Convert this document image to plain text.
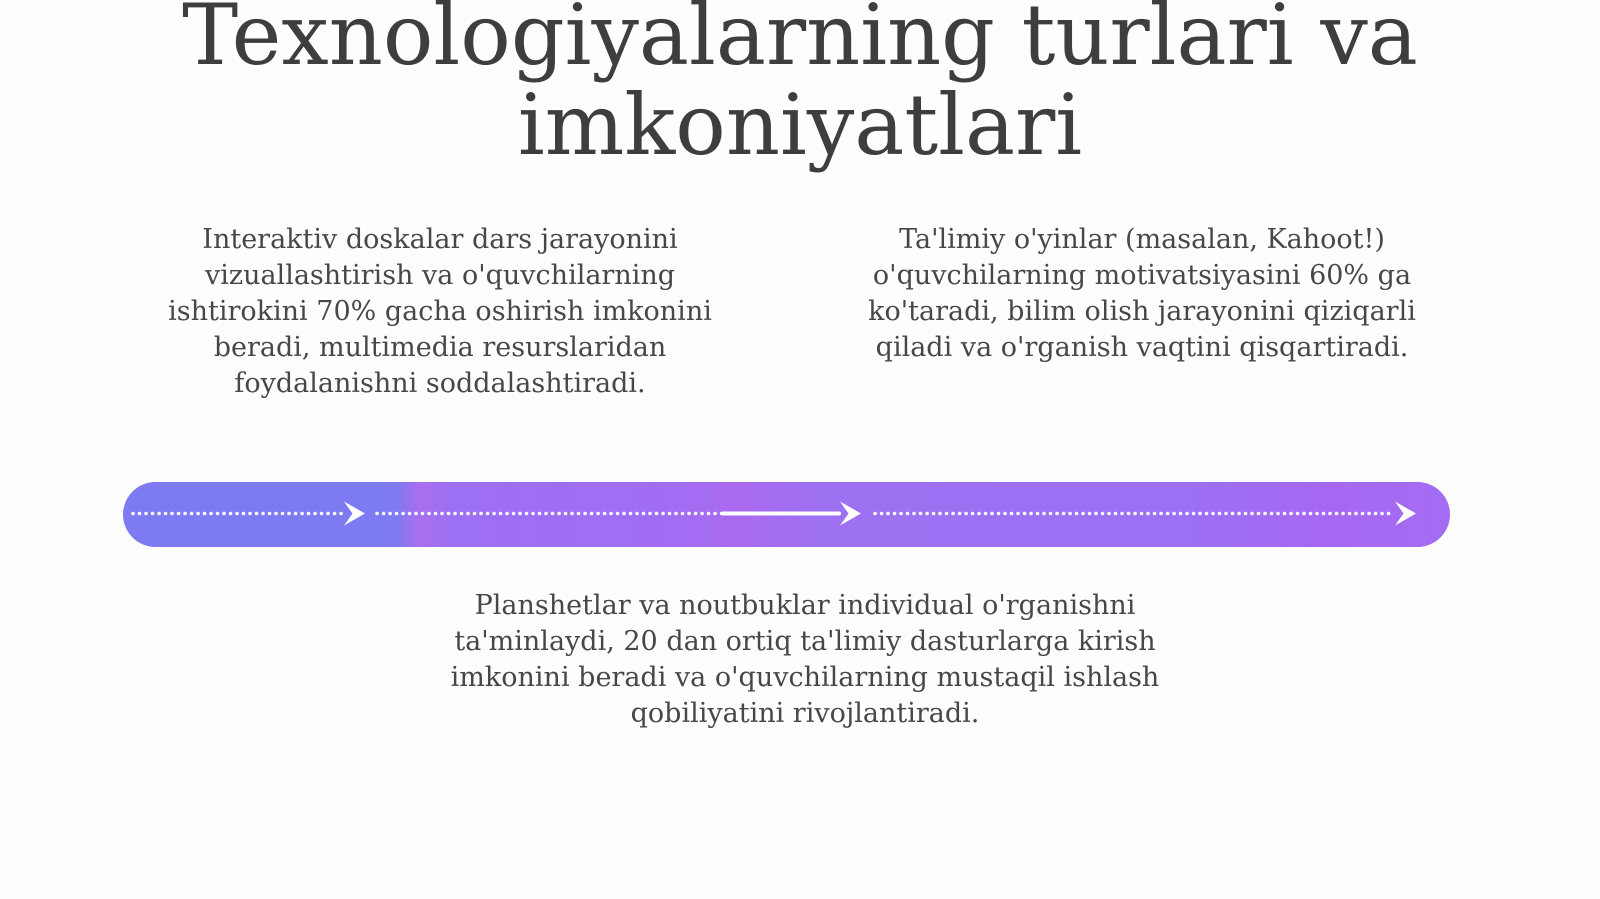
Texnologiyalarning turlari va imkoniyatlari

Interaktiv doskalar dars jarayonini vizuallashtirish va o'quvchilarning ishtirokini 70% gacha oshirish imkonini beradi, multimedia resurslaridan foydalanishni soddalashtiradi.

Ta'limiy o'yinlar (masalan, Kahoot!) o'quvchilarning motivatsiyasini 60% ga ko'taradi, bilim olish jarayonini qiziqarli qiladi va o'rganish vaqtini qisqartiradi.

Planshetlar va noutbuklar individual o'rganishni ta'minlaydi, 20 dan ortiq ta'limiy dasturlarga kirish imkonini beradi va o'quvchilarning mustaqil ishlash qobiliyatini rivojlantiradi.
